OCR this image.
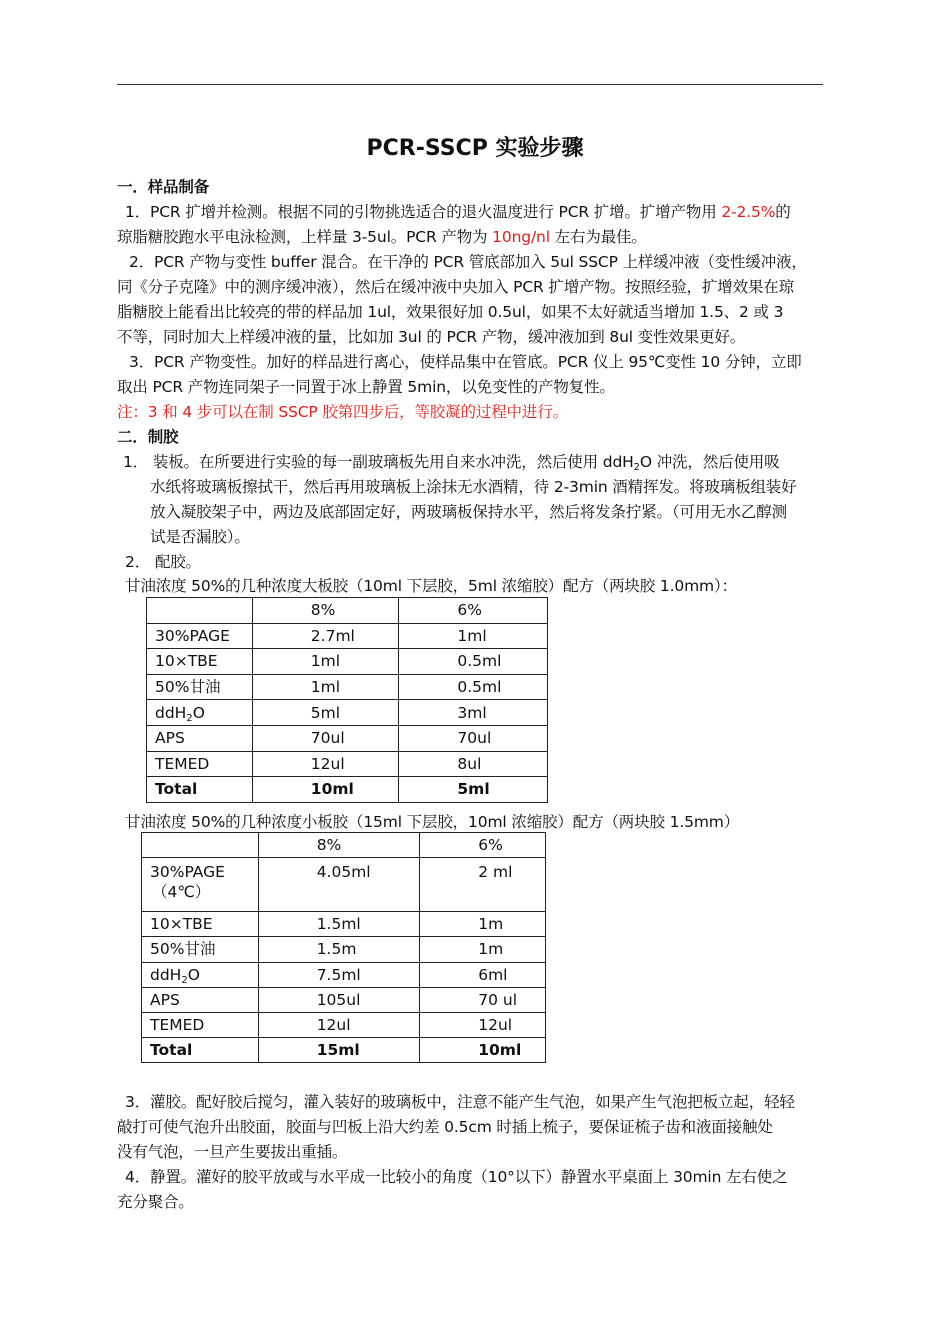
PCR-SSCP 实验步骤
一．样品制备
1．PCR 扩增并检测。根据不同的引物挑选适合的退火温度进行 PCR 扩增。扩增产物用 2-2.5%的
琼脂糖胶跑水平电泳检测，上样量 3-5ul。PCR 产物为 10ng/nl 左右为最佳。
2．PCR 产物与变性 buffer 混合。在干净的 PCR 管底部加入 5ul SSCP 上样缓冲液（变性缓冲液，
同《分子克隆》中的测序缓冲液），然后在缓冲液中央加入 PCR 扩增产物。按照经验，扩增效果在琼
脂糖胶上能看出比较亮的带的样品加 1ul，效果很好加 0.5ul，如果不太好就适当增加 1.5、2 或 3
不等，同时加大上样缓冲液的量，比如加 3ul 的 PCR 产物，缓冲液加到 8ul 变性效果更好。
3．PCR 产物变性。加好的样品进行离心，使样品集中在管底。PCR 仪上 95℃变性 10 分钟，立即
取出 PCR 产物连同架子一同置于冰上静置 5min，以免变性的产物复性。
注：3 和 4 步可以在制 SSCP 胶第四步后，等胶凝的过程中进行。
二．制胶
1． 装板。在所要进行实验的每一副玻璃板先用自来水冲洗，然后使用 ddH$_2$O 冲洗，然后使用吸
水纸将玻璃板擦拭干，然后再用玻璃板上涂抹无水酒精，待 2-3min 酒精挥发。将玻璃板组装好
放入凝胶架子中，两边及底部固定好，两玻璃板保持水平，然后将发条拧紧。（可用无水乙醇测
试是否漏胶）。
2． 配胶。
甘油浓度 50%的几种浓度大板胶（10ml 下层胶，5ml 浓缩胶）配方（两块胶 1.0mm）：
	8%	6%
30%PAGE	2.7ml	1ml
10×TBE	1ml	0.5ml
50%甘油	1ml	0.5ml
ddH$_2$O	5ml	3ml
APS	70ul	70ul
TEMED	12ul	8ul
Total	10ml	5ml
甘油浓度 50%的几种浓度小板胶（15ml 下层胶，10ml 浓缩胶）配方（两块胶 1.5mm）
	8%	6%

30%PAGE
（4℃）	4.05ml	2 ml
10×TBE	1.5ml	1m
50%甘油	1.5m	1m
ddH$_2$O	7.5ml	6ml
APS	105ul	70 ul
TEMED	12ul	12ul
Total	15ml	10ml
3．灌胶。配好胶后搅匀，灌入装好的玻璃板中，注意不能产生气泡，如果产生气泡把板立起，轻轻
敲打可使气泡升出胶面，胶面与凹板上沿大约差 0.5cm 时插上梳子，要保证梳子齿和液面接触处
没有气泡，一旦产生要拔出重插。
4．静置。灌好的胶平放或与水平成一比较小的角度（10°以下）静置水平桌面上 30min 左右使之
充分聚合。
